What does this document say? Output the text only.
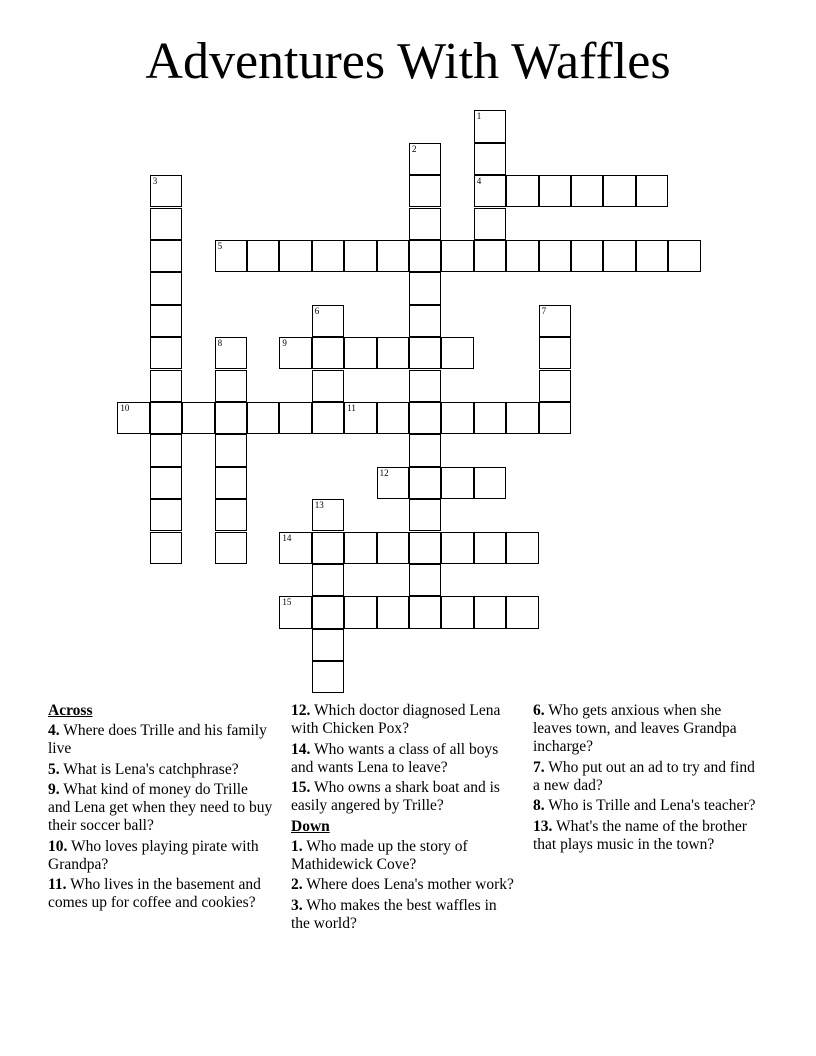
Adventures With Waffles
1
4
2
3
5
6	7
8	9
10	11
12
13
14
15
Across
4. Where does Trille and his family live
5. What is Lena's catchphrase?
9. What kind of money do Trille and Lena get when they need to buy their soccer ball?
10. Who loves playing pirate with Grandpa?
11. Who lives in the basement and comes up for coffee and cookies?
12. Which doctor diagnosed Lena with Chicken Pox?
14. Who wants a class of all boys and wants Lena to leave?
15. Who owns a shark boat and is easily angered by Trille?
Down
1. Who made up the story of Mathidewick Cove?
2. Where does Lena's mother work?
3. Who makes the best waffles in the world?
6. Who gets anxious when she leaves town, and leaves Grandpa incharge?
7. Who put out an ad to try and find a new dad?
8. Who is Trille and Lena's teacher?
13. What's the name of the brother that plays music in the town?
